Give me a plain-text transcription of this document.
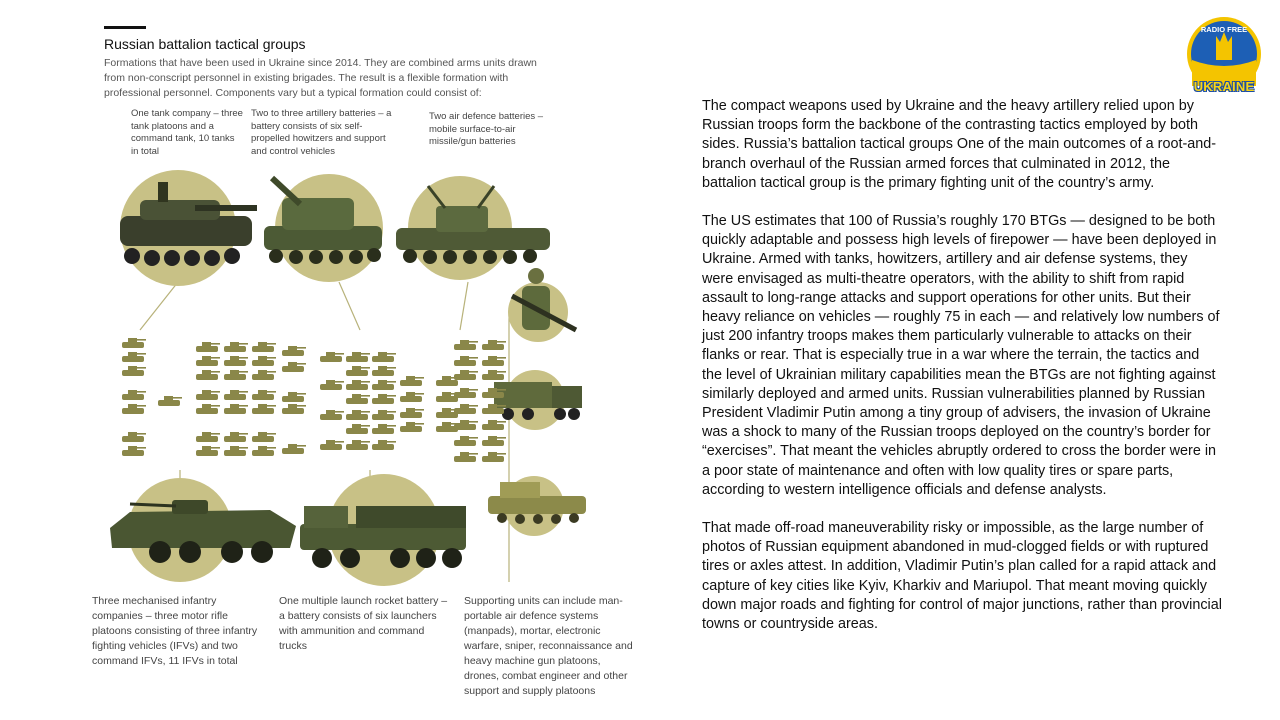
Russian battalion tactical groups
Formations that have been used in Ukraine since 2014. They are combined arms units drawn from non-conscript personnel in existing brigades. The result is a flexible formation with professional personnel. Components vary but a typical formation could consist of:
One tank company – three tank platoons and a command tank, 10 tanks in total
Two to three artillery batteries – a battery consists of six self-propelled howitzers and support and control vehicles
Two air defence batteries – mobile surface-to-air missile/gun batteries
Three mechanised infantry companies – three motor rifle platoons consisting of three infantry fighting vehicles (IFVs) and two command IFVs, 11 IFVs in total
One multiple launch rocket battery – a battery consists of six launchers with ammunition and command trucks
Supporting units can include man-portable air defence systems (manpads), mortar, electronic warfare, sniper, reconnaissance and heavy machine gun platoons, drones, combat engineer and other support and supply platoons
RADIO FREE
UKRAINE

The compact weapons used by Ukraine and the heavy artillery relied upon by Russian troops form the backbone of the contrasting tactics employed by both sides. Russia’s battalion tactical groups One of the main outcomes of a root-and-branch overhaul of the Russian armed forces that culminated in 2012, the battalion tactical group is the primary fighting unit of the country’s army.

The US estimates that 100 of Russia’s roughly 170 BTGs — designed to be both quickly adaptable and possess high levels of firepower — have been deployed in Ukraine. Armed with tanks, howitzers, artillery and air defense systems, they were envisaged as multi-theatre operators, with the ability to shift from rapid assault to long-range attacks and support operations for other units. But their heavy reliance on vehicles — roughly 75 in each — and relatively low numbers of just 200 infantry troops makes them particularly vulnerable to attacks on their flanks or rear. That is especially true in a war where the terrain, the tactics and the level of Ukrainian military capabilities mean the BTGs are not fighting against similarly deployed and armed units. Russian vulnerabilities planned by Russian President Vladimir Putin among a tiny group of advisers, the invasion of Ukraine was a shock to many of the Russian troops deployed on the country’s border for “exercises”. That meant the vehicles abruptly ordered to cross the border were in a poor state of maintenance and often with low quality tires or spare parts, according to western intelligence officials and defense analysts.

That made off-road maneuverability risky or impossible, as the large number of photos of Russian equipment abandoned in mud-clogged fields or with ruptured tires or axles attest. In addition, Vladimir Putin’s plan called for a rapid attack and capture of key cities like Kyiv, Kharkiv and Mariupol. That meant moving quickly down major roads and fighting for control of major junctions, rather than provincial towns or countryside areas.
